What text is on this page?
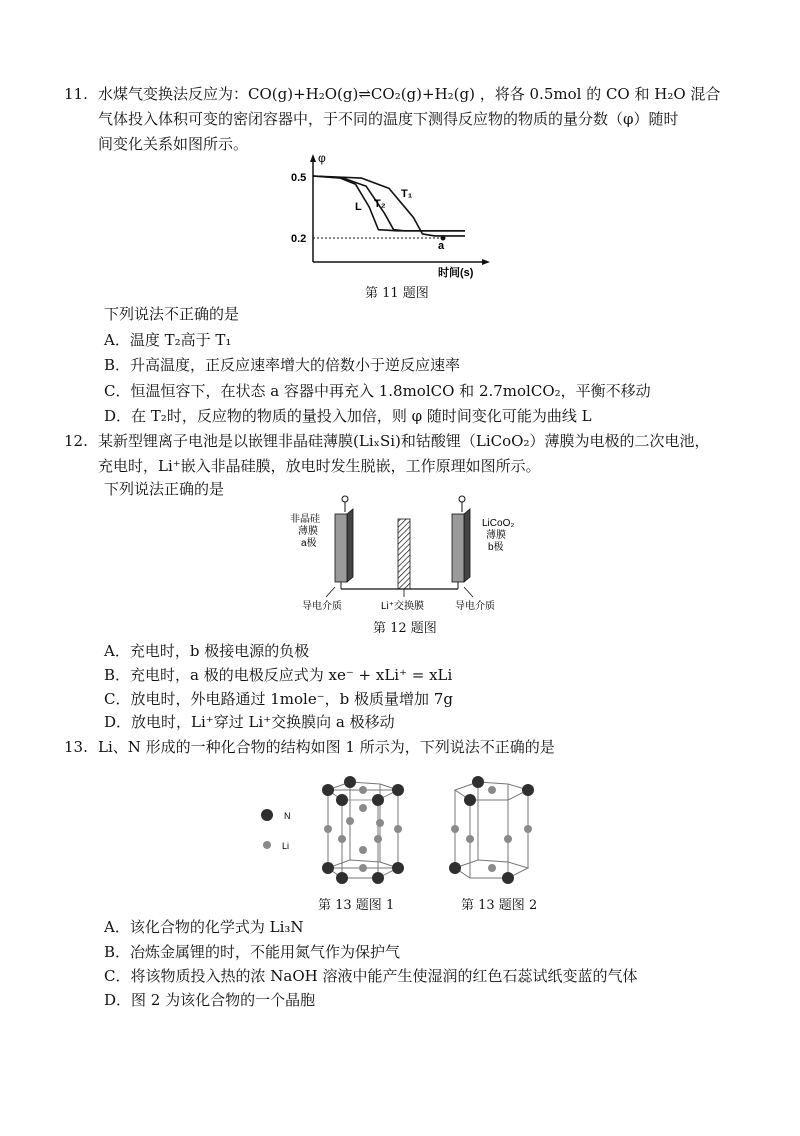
11. 水煤气变换法反应为：CO(g)+H₂O(g)⇌CO₂(g)+H₂(g) ，将各 0.5mol 的 CO 和 H₂O 混合
气体投入体积可变的密闭容器中，于不同的温度下测得反应物的物质的量分数（φ）随时
间变化关系如图所示。
φ
时间(s)
0.5
0.2
L T₂
T₁
a
第 11 题图
下列说法不正确的是
A．温度 T₂高于 T₁
B．升高温度，正反应速率增大的倍数小于逆反应速率
C．恒温恒容下，在状态 a 容器中再充入 1.8molCO 和 2.7molCO₂，平衡不移动
D．在 T₂时，反应物的物质的量投入加倍，则 φ 随时间变化可能为曲线 L
12. 某新型锂离子电池是以嵌锂非晶硅薄膜(LiₓSi)和钴酸锂（LiCoO₂）薄膜为电极的二次电池，
充电时，Li⁺嵌入非晶硅膜，放电时发生脱嵌，工作原理如图所示。
下列说法正确的是
非晶硅
薄膜
a极
LiCoO₂
薄膜
b极
导电介质	Li⁺交换膜	导电介质
第 12 题图
A．充电时，b 极接电源的负极
B．充电时，a 极的电极反应式为 xe⁻ + xLi⁺ = xLi
C．放电时，外电路通过 1mole⁻，b 极质量增加 7g
D．放电时，Li⁺穿过 Li⁺交换膜向 a 极移动
13. Li、N 形成的一种化合物的结构如图 1 所示为，下列说法不正确的是
N
Li
第 13 题图 1	第 13 题图 2
A．该化合物的化学式为 Li₃N
B．冶炼金属锂的时，不能用氮气作为保护气
C．将该物质投入热的浓 NaOH 溶液中能产生使湿润的红色石蕊试纸变蓝的气体
D．图 2 为该化合物的一个晶胞
